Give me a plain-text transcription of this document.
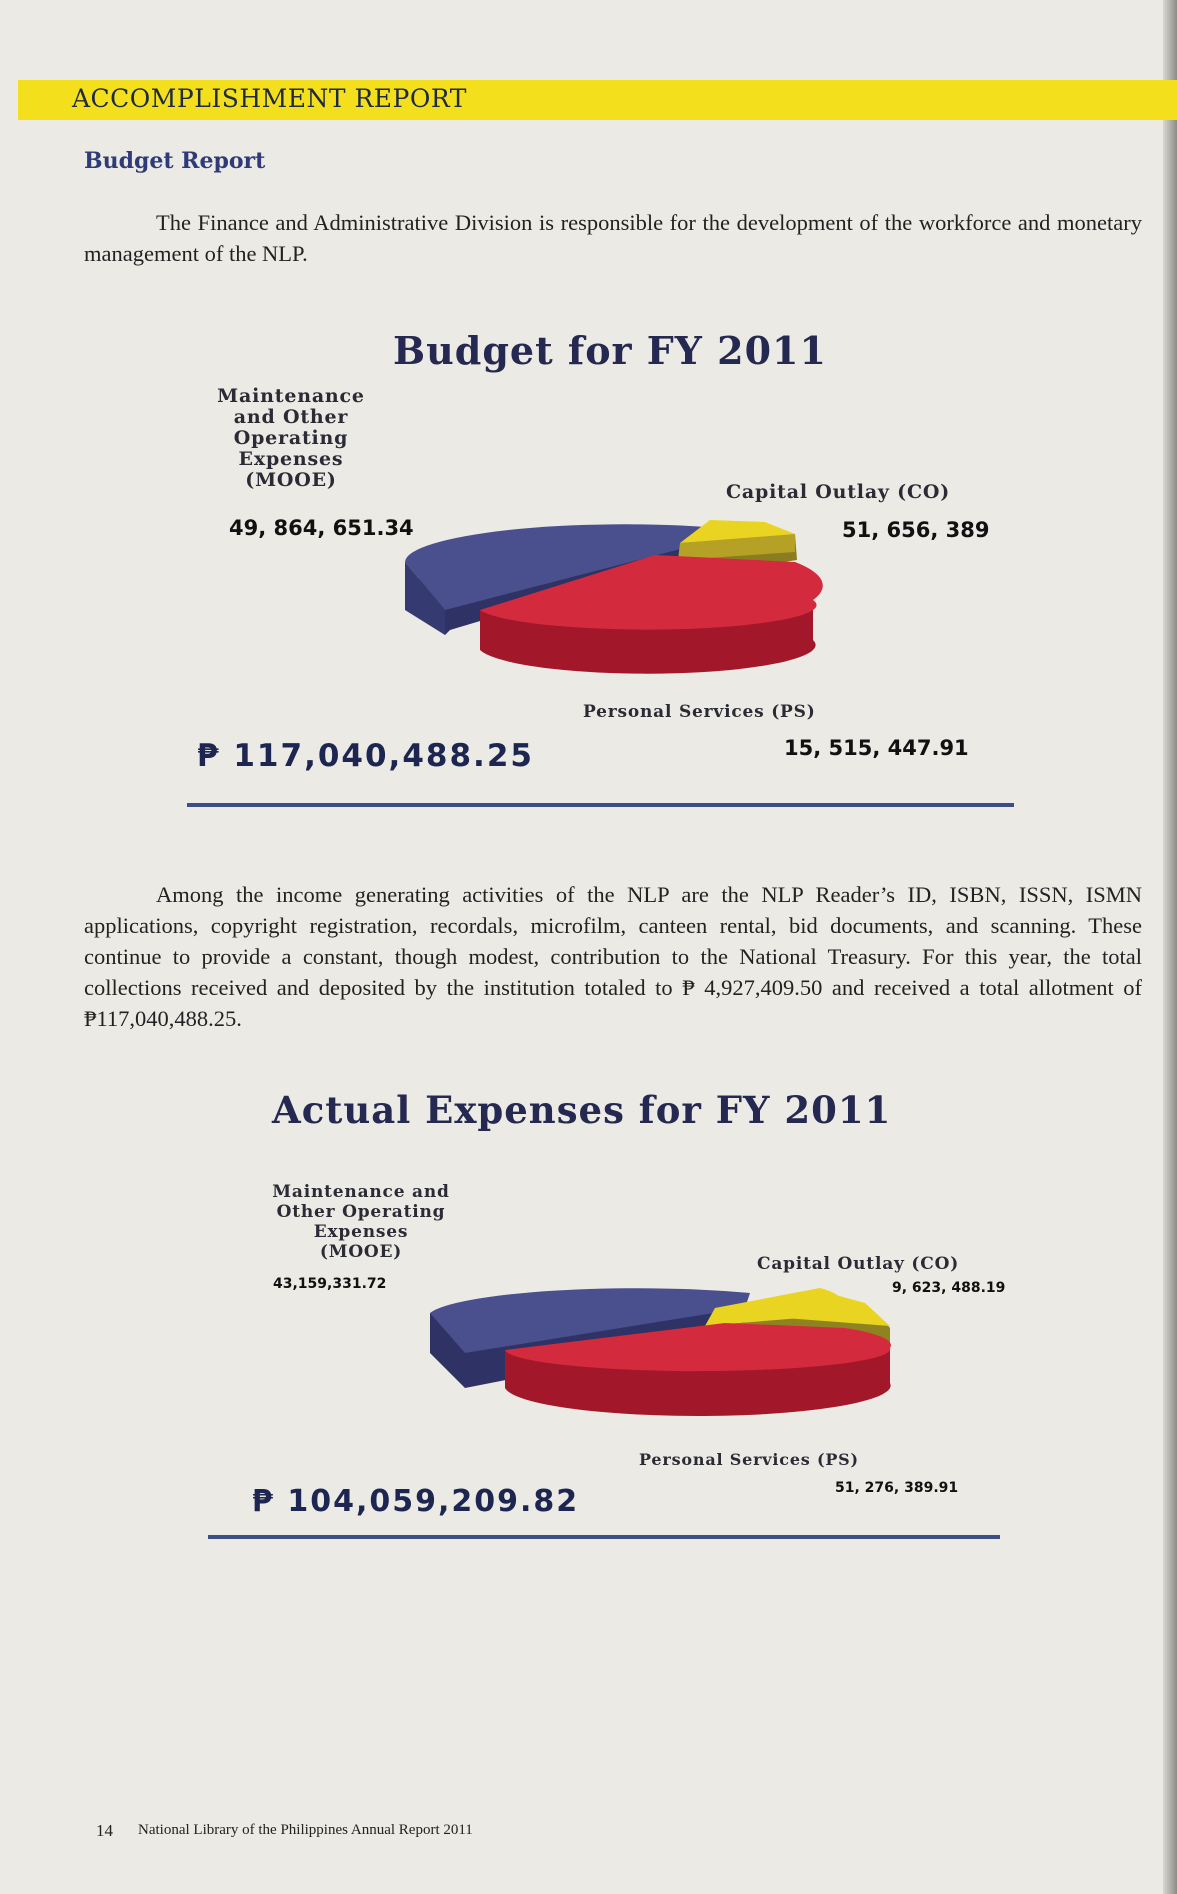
ACCOMPLISHMENT REPORT
Budget Report

The Finance and Administrative Division is responsible for the development of the workforce and monetary management of the NLP.

Budget for FY 2011
Maintenance
and Other
Operating
Expenses
(MOOE)
49, 864, 651.34
Capital Outlay (CO)
51, 656, 389
Personal Services (PS)
15, 515, 447.91
₱ 117,040,488.25

Among the income generating activities of the NLP are the NLP Reader’s ID, ISBN, ISSN, ISMN applications, copyright registration, recordals, microfilm, canteen rental, bid documents, and scanning. These continue to provide a constant, though modest, contribution to the National Treasury. For this year, the total collections received and deposited by the institution totaled to ₱ 4,927,409.50 and received a total allotment of ₱117,040,488.25.

Actual Expenses for FY 2011
Maintenance and
Other Operating
Expenses
(MOOE)
43,159,331.72
Capital Outlay (CO)
9, 623, 488.19
Personal Services (PS)
51, 276, 389.91
₱ 104,059,209.82
14 National Library of the Philippines Annual Report 2011
